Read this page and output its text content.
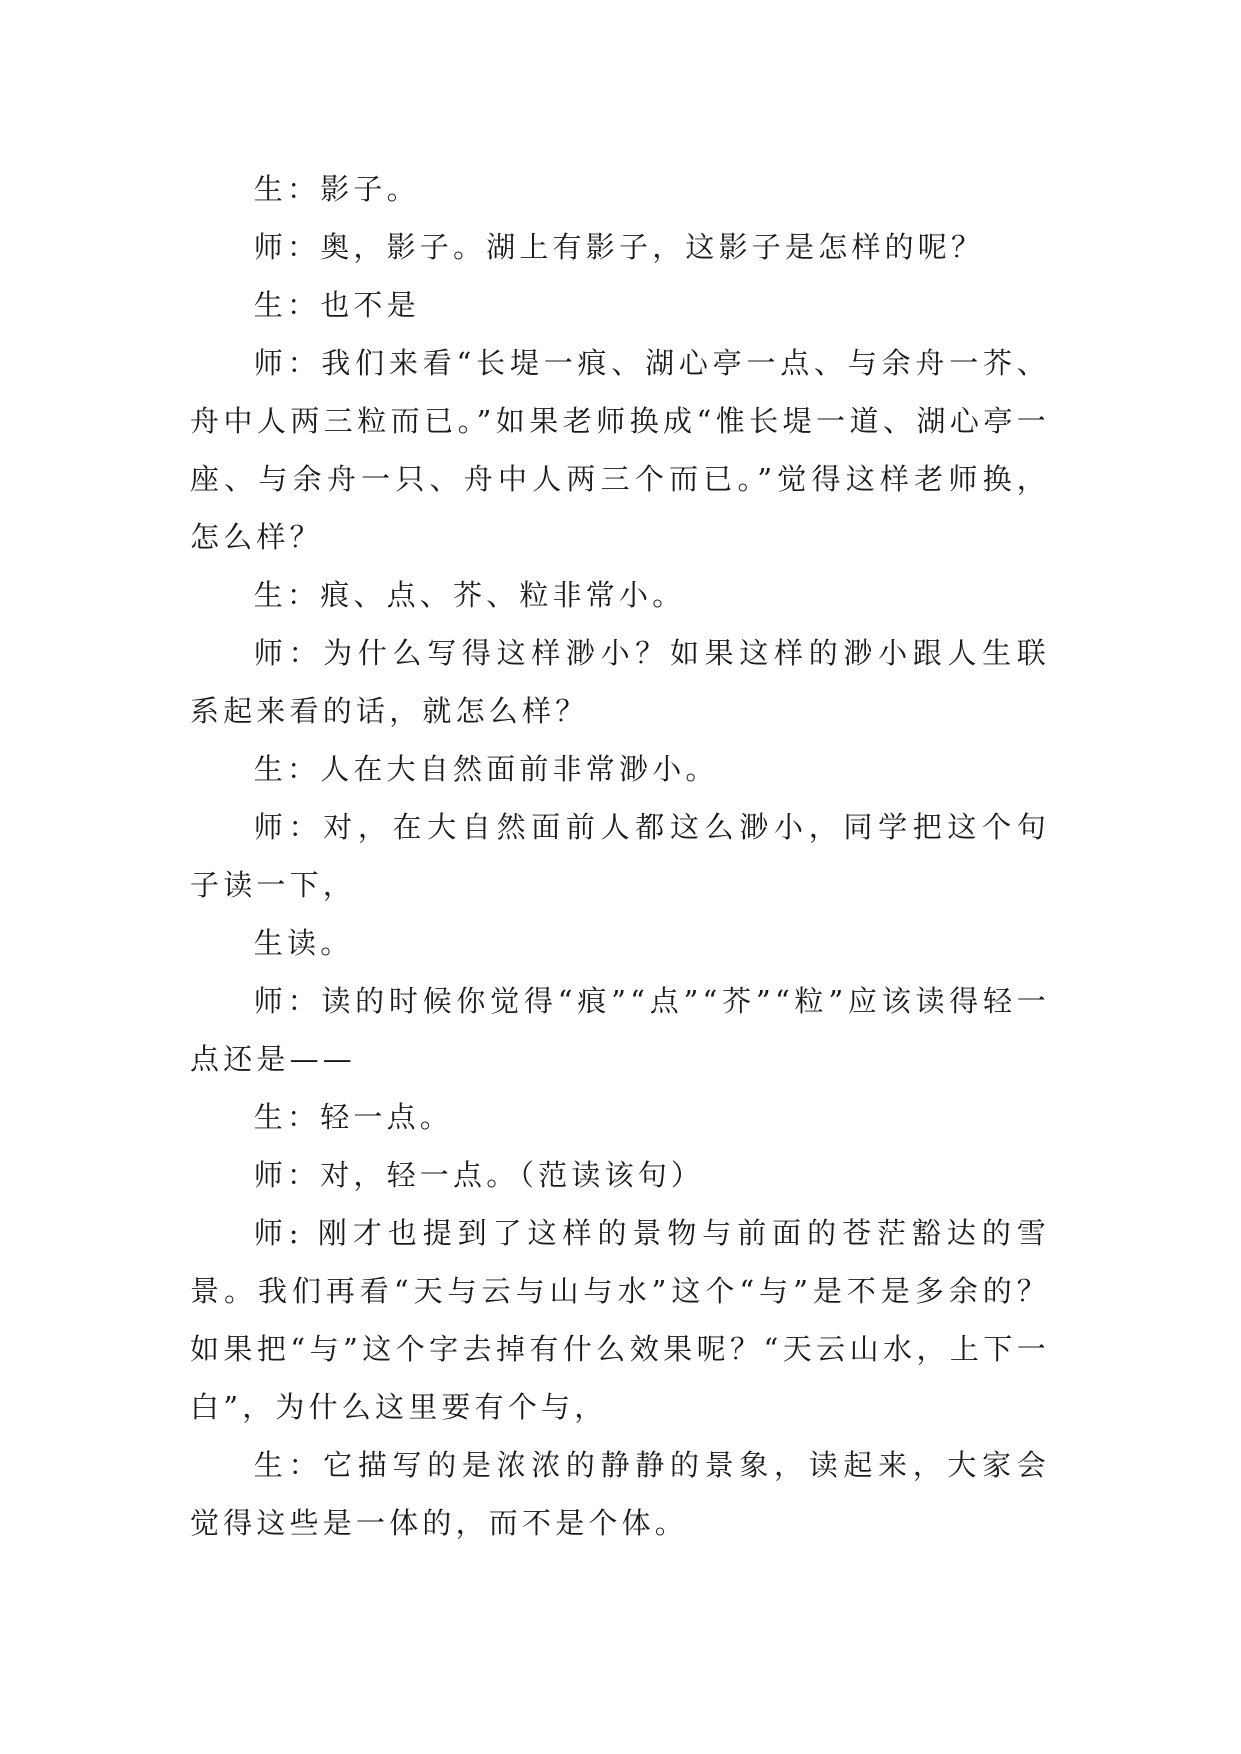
生：影子。

师：奥，影子。湖上有影子，这影子是怎样的呢？

生：也不是

师：我们来看“长堤一痕、湖心亭一点、与余舟一芥、舟中人两三粒而已。”如果老师换成“惟长堤一道、湖心亭一座、与余舟一只、舟中人两三个而已。”觉得这样老师换，怎么样？

生：痕、点、芥、粒非常小。

师：为什么写得这样渺小？如果这样的渺小跟人生联系起来看的话，就怎么样？

生：人在大自然面前非常渺小。

师：对，在大自然面前人都这么渺小，同学把这个句子读一下，

生读。

师：读的时候你觉得“痕”“点”“芥”“粒”应该读得轻一点还是——

生：轻一点。

师：对，轻一点。（范读该句）

师: 刚才也提到了这样的景物与前面的苍茫豁达的雪景。我们再看“天与云与山与水”这个“与”是不是多余的？如果把“与”这个字去掉有什么效果呢？“天云山水，上下一白”，为什么这里要有个与，

生：它描写的是浓浓的静静的景象，读起来，大家会觉得这些是一体的，而不是个体。
